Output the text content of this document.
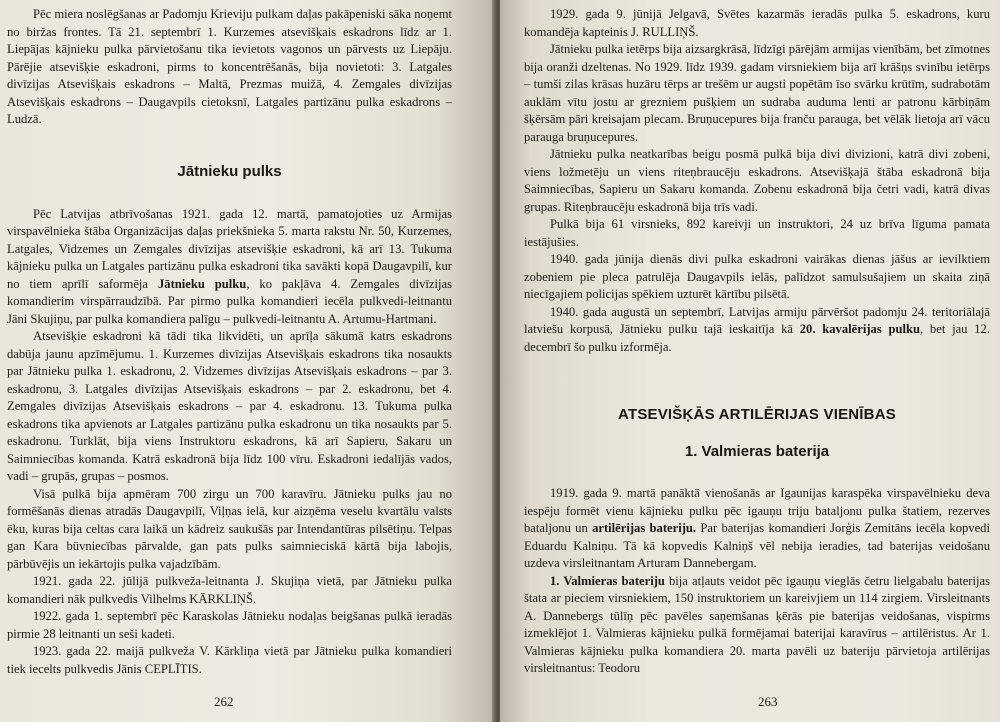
Pēc miera noslēgšanas ar Padomju Krieviju pulkam daļas pakāpeniski sāka noņemt no biržas frontes. Tā 21. septembrī 1. Kurzemes atsevišķais eskadrons līdz ar 1. Liepājas kājnieku pulka pārvietošanu tika ievietots vagonos un pārvests uz Liepāju. Pārējie atsevišķie eskadroni, pirms to koncentrēšanās, bija novietoti: 3. Latgales divīzijas Atsevišķais eskadrons – Maltā, Prezmas muižā, 4. Zemgales divīzijas Atsevišķais eskadrons – Daugavpils cietoksnī, Latgales partizānu pulka eskadrons – Ludzā.

Jātnieku pulks

Pēc Latvijas atbrīvošanas 1921. gada 12. martā, pamatojoties uz Armijas virspavēlnieka štāba Organizācijas daļas priekšnieka 5. marta rakstu Nr. 50, Kurzemes, Latgales, Vidzemes un Zemgales divīzijas atsevišķie eskadroni, kā arī 13. Tukuma kājnieku pulka un Latgales partizānu pulka eskadroni tika savākti kopā Daugavpilī, kur no tiem aprīlī saformēja Jātnieku pulku, ko pakļāva 4. Zemgales divīzijas komandierim virspārraudzībā. Par pirmo pulka komandieri iecēla pulkvedi-leitnantu Jāni Skujiņu, par pulka komandiera palīgu – pulkvedi-leitnantu A. Artumu-Hartmani.

Atsevišķie eskadroni kā tādi tika likvidēti, un aprīļa sākumā katrs eskadrons dabūja jaunu apzīmējumu. 1. Kurzemes divīzijas Atsevišķais eskadrons tika nosaukts par Jātnieku pulka 1. eskadronu, 2. Vidzemes divīzijas Atsevišķais eskadrons – par 3. eskadronu, 3. Latgales divīzijas Atsevišķais eskadrons – par 2. eskadronu, bet 4. Zemgales divīzijas Atsevišķais eskadrons – par 4. eskadronu. 13. Tukuma pulka eskadrons tika apvienots ar Latgales partizānu pulka eskadronu un tika nosaukts par 5. eskadronu. Turklāt, bija viens Instruktoru eskadrons, kā arī Sapieru, Sakaru un Saimniecības komanda. Katrā eskadronā bija līdz 100 vīru. Eskadroni iedalījās vados, vadi – grupās, grupas – posmos.

Visā pulkā bija apmēram 700 zirgu un 700 karavīru. Jātnieku pulks jau no formēšanās dienas atradās Daugavpilī, Viļņas ielā, kur aizņēma veselu kvartālu valsts ēku, kuras bija celtas cara laikā un kādreiz saukušās par Intendantūras pilsētiņu. Telpas gan Kara būvniecības pārvalde, gan pats pulks saimnieciskā kārtā bija labojis, pārbūvējis un iekārtojis pulka vajadzībām.

1921. gada 22. jūlijā pulkveža-leitnanta J. Skujiņa vietā, par Jātnieku pulka komandieri nāk pulkvedis Vilhelms KĀRKLIŅŠ.

1922. gada 1. septembrī pēc Karaskolas Jātnieku nodaļas beigšanas pulkā ieradās pirmie 28 leitnanti un seši kadeti.

1923. gada 22. maijā pulkveža V. Kārkliņa vietā par Jātnieku pulka komandieri tiek iecelts pulkvedis Jānis CEPLĪTIS.

262

1929. gada 9. jūnijā Jelgavā, Svētes kazarmās ieradās pulka 5. eskadrons, kuru komandēja kapteinis J. RULLIŅŠ.

Jātnieku pulka ietērps bija aizsargkrāsā, līdzīgi pārējām armijas vienībām, bet zīmotnes bija oranži dzeltenas. No 1929. līdz 1939. gadam virsniekiem bija arī krāšņs svinību ietērps – tumši zilas krāsas huzāru tērps ar trešēm ur augsti popētām īso svārku krūtīm, sudrabotām auklām vītu jostu ar grezniem pušķiem un sudraba auduma lenti ar patronu kārbiņām šķērsām pāri kreisajam plecam. Bruņucepures bija franču parauga, bet vēlāk lietoja arī vācu parauga bruņucepures.

Jātnieku pulka neatkarības beigu posmā pulkā bija divi divizioni, katrā divi zobeni, viens ložmetēju un viens riteņbraucēju eskadrons. Atsevišķajā štāba eskadronā bija Saimniecības, Sapieru un Sakaru komanda. Zobenu eskadronā bija četri vadi, katrā divas grupas. Riteņbraucēju eskadronā bija trīs vadi.

Pulkā bija 61 virsnieks, 892 kareivji un instruktori, 24 uz brīva līguma pamata iestājušies.

1940. gada jūnija dienās divi pulka eskadroni vairākas dienas jāšus ar ievilktiem zobeniem pie pleca patrulēja Daugavpils ielās, palīdzot samulsušajiem un skaita ziņā niecīgajiem policijas spēkiem uzturēt kārtību pilsētā.

1940. gada augustā un septembrī, Latvijas armiju pārvēršot padomju 24. teritoriālajā latviešu korpusā, Jātnieku pulku tajā ieskaitīja kā 20. kavalērijas pulku, bet jau 12. decembrī šo pulku izformēja.

ATSEVIŠĶĀS ARTILĒRIJAS VIENĪBAS
1. Valmieras baterija

1919. gada 9. martā panāktā vienošanās ar Igaunijas karaspēka virspavēlnieku deva iespēju formēt vienu kājnieku pulku pēc igauņu triju bataljonu pulka štatiem, rezerves bataljonu un artilērijas bateriju. Par baterijas komandieri Jorģis Zemitāns iecēla kopvedi Eduardu Kalniņu. Tā kā kopvedis Kalniņš vēl nebija ieradies, tad baterijas veidošanu uzdeva virsleitnantam Arturam Dannebergam.

1. Valmieras bateriju bija atļauts veidot pēc igauņu vieglās četru lielgabalu baterijas štata ar pieciem virsniekiem, 150 instruktoriem un kareivjiem un 114 zirgiem. Virsleitnants A. Dannebergs tūlīņ pēc pavēles saņemšanas ķērās pie baterijas veidošanas, vispirms izmeklējot 1. Valmieras kājnieku pulkā formējamai baterijai karavīrus – artilēristus. Ar 1. Valmieras kājnieku pulka komandiera 20. marta pavēli uz bateriju pārvietoja artilērijas virsleitnantus: Teodoru

263
